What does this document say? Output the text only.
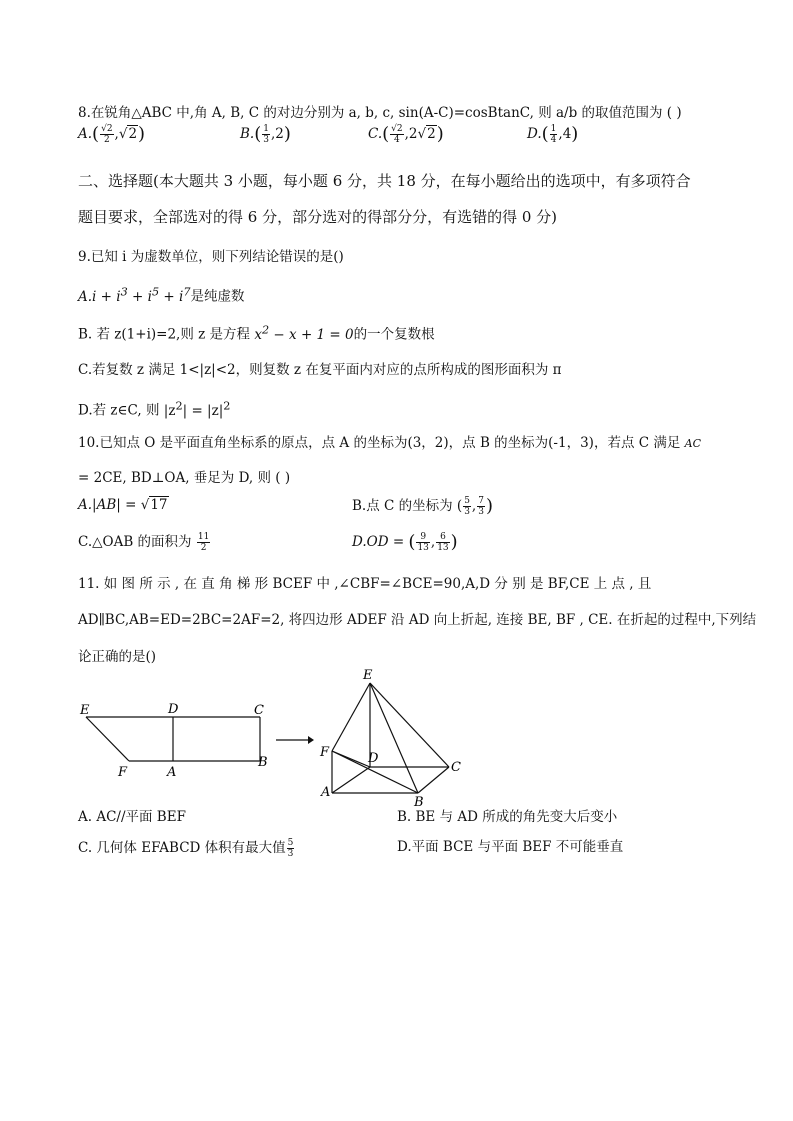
8.在锐角△ABC 中,角 A, B, C 的对边分别为 a, b, c, sin(A-C)=cosBtanC, 则 a/b 的取值范围为 ( )
$A.( \frac{√2}{2} ,√2)$	$B.( \frac{1}{3} ,2)$	$C.( \frac{√2}{4} ,2√2)$	$D.( \frac{1}{4} ,4)$
二、选择题(本大题共 3 小题，每小题 6 分，共 18 分，在每小题给出的选项中，有多项符合
题目要求，全部选对的得 6 分，部分选对的得部分分，有选错的得 0 分)
9.已知 i 为虚数单位，则下列结论错误的是()
$A.i + i^3 + i^5 + i^7$是纯虚数
B. 若 z(1+i)=2,则 z 是方程 $x^2 - x + 1 = 0$的一个复数根
C.若复数 z 满足 1<|z|<2，则复数 z 在复平面内对应的点所构成的图形面积为 π
D.若 z∈C, 则 $|z^2| = |z|^2$
10.已知点 O 是平面直角坐标系的原点，点 A 的坐标为(3，2)，点 B 的坐标为(-1，3)，若点 C 满足 AC
= 2CE, BD⊥OA, 垂足为 D, 则 ( )
A.|AB| = √17	B.点 C 的坐标为 ( $\frac{5}{3}$ , $\frac{7}{3}$ )
C.△OAB 的面积为 $\frac{11}{2}$	D.OD = ( $\frac{9}{13}$ , $\frac{6}{13}$ )
11. 如 图 所 示 , 在 直 角 梯 形 BCEF 中 ,∠CBF=∠BCE=90,A,D 分 别 是 BF,CE 上 点 , 且
AD∥BC,AB=ED=2BC=2AF=2, 将四边形 ADEF 沿 AD 向上折起, 连接 BE, BF , CE. 在折起的过程中,下列结
论正确的是()
E	D	C
F	A
B
E
F	D
C
A
B
A. AC//平面 BEF	B. BE 与 AD 所成的角先变大后变小
C. 几何体 EFABCD 体积有最大值 $\frac{5}{3}$	D.平面 BCE 与平面 BEF 不可能垂直
